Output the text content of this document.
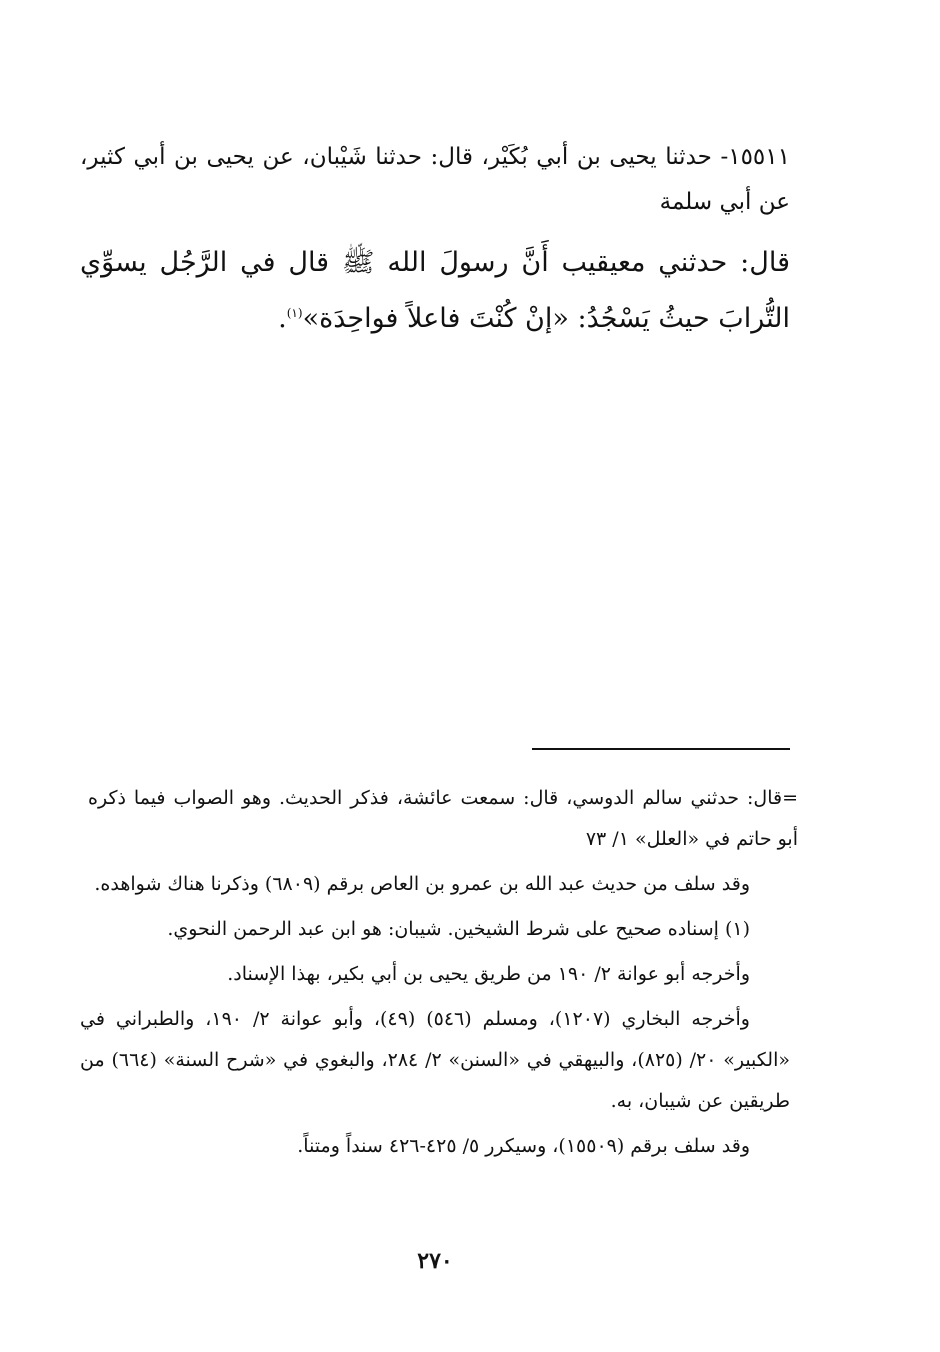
١٥٥١١- حدثنا يحيى بن أبي بُكَيْر، قال: حدثنا شَيْبان، عن يحيى بن أبي كثير، عن أبي سلمة

قال: حدثني معيقيب أَنَّ رسولَ الله ﷺ قال في الرَّجُل يسوِّي التُّرابَ حيثُ يَسْجُدُ: «إنْ كُنْتَ فاعلاً فواحِدَة»$^{(١)}$.

=قال: حدثني سالم الدوسي، قال: سمعت عائشة، فذكر الحديث. وهو الصواب فيما ذكره أبو حاتم في «العلل» ١/ ٧٣

وقد سلف من حديث عبد الله بن عمرو بن العاص برقم (٦٨٠٩) وذكرنا هناك شواهده.

(١) إسناده صحيح على شرط الشيخين. شيبان: هو ابن عبد الرحمن النحوي.

وأخرجه أبو عوانة ٢/ ١٩٠ من طريق يحيى بن أبي بكير، بهذا الإسناد.

وأخرجه البخاري (١٢٠٧)، ومسلم (٥٤٦) (٤٩)، وأبو عوانة ٢/ ١٩٠، والطبراني في «الكبير» ٢٠/ (٨٢٥)، والبيهقي في «السنن» ٢/ ٢٨٤، والبغوي في «شرح السنة» (٦٦٤) من طريقين عن شيبان، به.

وقد سلف برقم (١٥٥٠٩)، وسيكرر ٥/ ٤٢٥-٤٢٦ سنداً ومتناً.

٢٧٠
